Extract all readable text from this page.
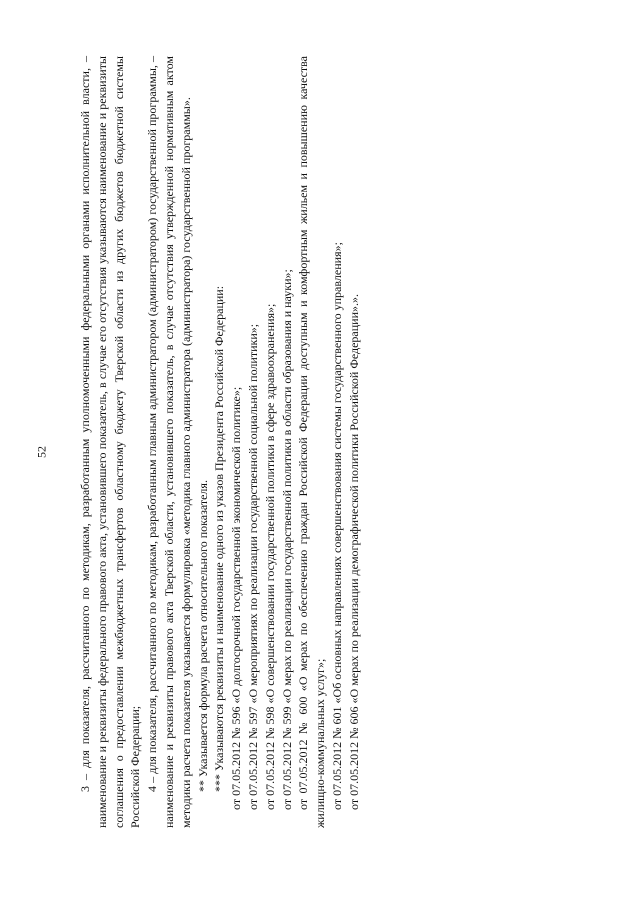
52 3 – для показателя, рассчитанного по методикам, разработанным уполномоченными федеральными органами исполнительной власти, – наименование и реквизиты федерального правового акта, установившего показатель, в случае его отсутствия указываются наименование и реквизиты соглашения о предоставлении межбюджетных трансфертов областному бюджету Тверской области из других бюджетов бюджетной системы Российской Федерации; 4 – для показателя, рассчитанного по методикам, разработанным главным администратором (администратором) государственной программы, – наименование и реквизиты правового акта Тверской области, установившего показатель, в случае отсутствия утвержденной нормативным актом методики расчета показателя указывается формулировка «методика главного администратора (администратора) государственной программы». ** Указывается формула расчета относительного показателя. *** Указываются реквизиты и наименование одного из указов Президента Российской Федерации: от 07.05.2012 № 596 «О долгосрочной государственной экономической политике»; от 07.05.2012 № 597 «О мероприятиях по реализации государственной социальной политики»; от 07.05.2012 № 598 «О совершенствовании государственной политики в сфере здравоохранения»; от 07.05.2012 № 599 «О мерах по реализации государственной политики в области образования и науки»; от 07.05.2012 № 600 «О мерах по обеспечению граждан Российской Федерации доступным и комфортным жильем и повышению качества жилищно-коммунальных услуг»; от 07.05.2012 № 601 «Об основных направлениях совершенствования системы государственного управления»; от 07.05.2012 № 606 «О мерах по реализации демографической политики Российской Федерации».».
